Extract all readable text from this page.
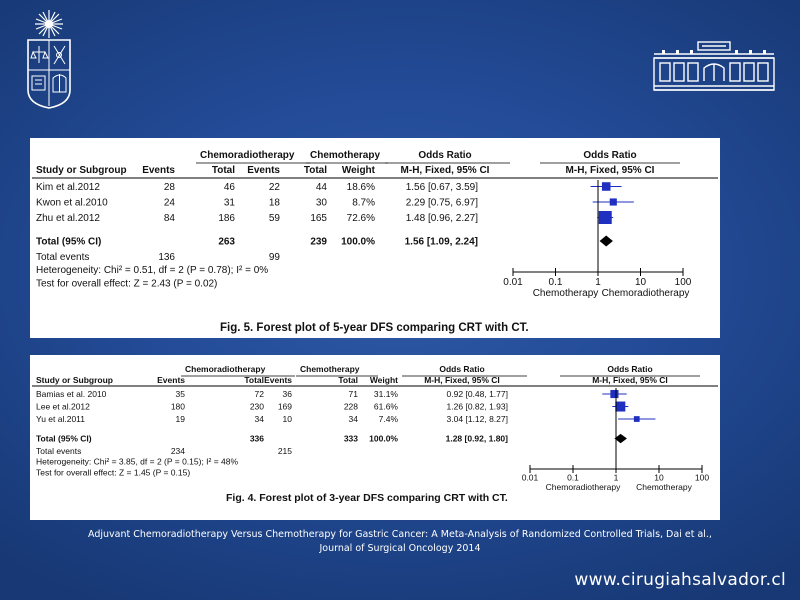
Chemoradiotherapy Chemotherapy	Odds Ratio	Odds Ratio
Study or Subgroup Events	Total Events Total Weight	M-H, Fixed, 95% CI	M-H, Fixed, 95% CI
Kim et al.2012	28	46	22	44 18.6%	1.56 [0.67, 3.59]
Kwon et al.2010	24	31	18	30	8.7%	2.29 [0.75, 6.97]
Zhu et al.2012	84	186	59	165 72.6%	1.48 [0.96, 2.27]
Total (95% CI)	263	239 100.0%	1.56 [1.09, 2.24]
Total events	136	99
Heterogeneity: Chi² = 0.51, df = 2 (P = 0.78); I² = 0%
Test for overall effect: Z = 2.43 (P = 0.02)	0.01	0.1	1	10	100
Chemotherapy Chemoradiotherapy
Fig. 5. Forest plot of 5-year DFS comparing CRT with CT.
Chemoradiotherapy	Chemotherapy	Odds Ratio	Odds Ratio
Study or Subgroup	Events	Total Events	Total Weight	M-H, Fixed, 95% CI	M-H, Fixed, 95% CI
Bamias et al. 2010	35	72 36	71 31.1%	0.92 [0.48, 1.77]
Lee et al.2012	180	230 169	228 61.6%	1.26 [0.82, 1.93]
Yu et al.2011	19	34 10	34 7.4%	3.04 [1.12, 8.27]
Total (95% CI)	336	333 100.0%	1.28 [0.92, 1.80]
Total events	234	215
Heterogeneity: Chi² = 3.85, df = 2 (P = 0.15); I² = 48%
Test for overall effect: Z = 1.45 (P = 0.15)
0.01	0.1	1	10	100
Chemoradiotherapy Chemotherapy
Fig. 4. Forest plot of 3-year DFS comparing CRT with CT.
Adjuvant Chemoradiotherapy Versus Chemotherapy for Gastric Cancer: A Meta-Analysis of Randomized Controlled Trials, Dai et al.,
Journal of Surgical Oncology 2014
www.cirugiahsalvador.cl
